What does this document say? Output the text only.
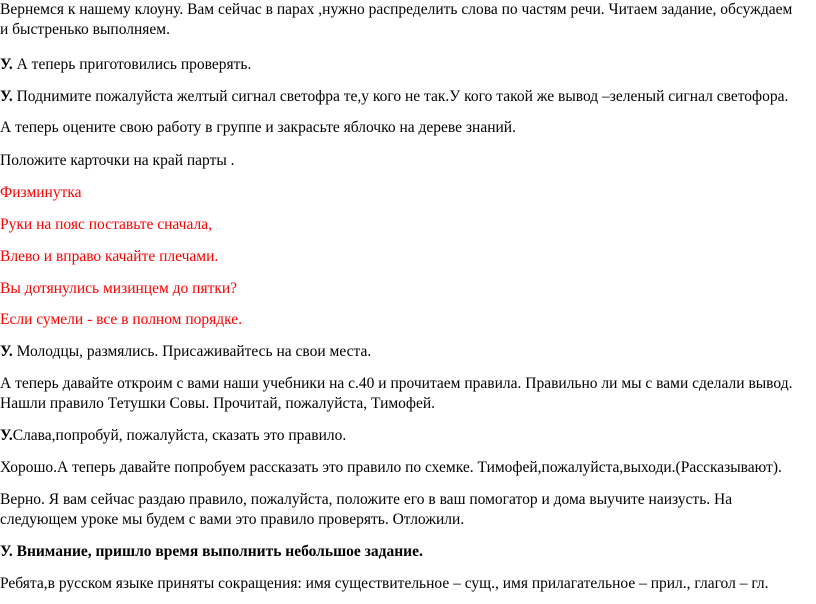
Вернемся к нашему клоуну. Вам сейчас в парах ,нужно распределить слова по частям речи. Читаем задание, обсуждаем
и быстренько выполняем.

У. А теперь приготовились проверять.

У. Поднимите пожалуйста желтый сигнал светофра те,у кого не так.У кого такой же вывод –зеленый сигнал светофора.

А теперь оцените свою работу в группе и закрасьте яблочко на дереве знаний.

Положите карточки на край парты .

Физминутка

Руки на пояс поставьте сначала,

Влево и вправо качайте плечами.

Вы дотянулись мизинцем до пятки?

Если сумели - все в полном порядке.

У. Молодцы, размялись. Присаживайтесь на свои места.

А теперь давайте откроим с вами наши учебники на с.40 и прочитаем правила. Правильно ли мы с вами сделали вывод.
Нашли правило Тетушки Совы. Прочитай, пожалуйста, Тимофей.

У.Слава,попробуй, пожалуйста, сказать это правило.

Хорошо.А теперь давайте попробуем рассказать это правило по схемке. Тимофей,пожалуйста,выходи.(Рассказывают).

Верно. Я вам сейчас раздаю правило, пожалуйста, положите его в ваш помогатор и дома выучите наизусть. На
следующем уроке мы будем с вами это правило проверять. Отложили.

У. Внимание, пришло время выполнить небольшое задание.

Ребята,в русском языке приняты сокращения: имя существительное – сущ., имя прилагательное – прил., глагол – гл.
